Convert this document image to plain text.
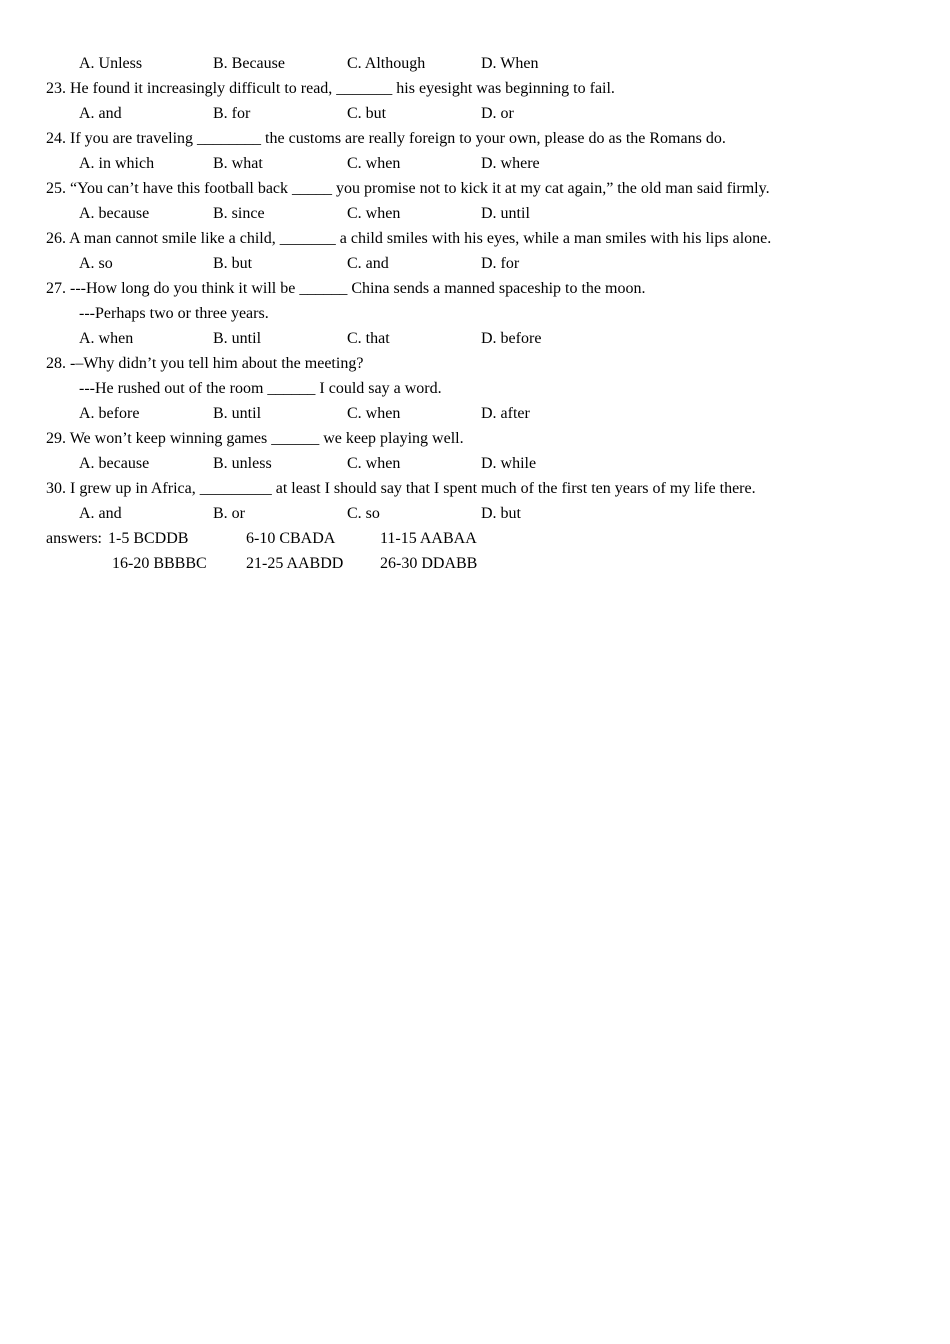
A. Unless	B. Because	C. Although	D. When
23. He found it increasingly difficult to read, _______ his eyesight was beginning to fail.
A. and	B. for	C. but	D. or
24. If you are traveling ________ the customs are really foreign to your own, please do as the Romans do.
A. in which	B. what	C. when	D. where
25. “You can’t have this football back _____ you promise not to kick it at my cat again,” the old man said firmly.
A. because	B. since	C. when	D. until
26. A man cannot smile like a child, _______ a child smiles with his eyes, while a man smiles with his lips alone.
A. so	B. but	C. and	D. for
27. ---How long do you think it will be ______ China sends a manned spaceship to the moon.
---Perhaps two or three years.
A. when	B. until	C. that	D. before
28. -–Why didn’t you tell him about the meeting?
---He rushed out of the room ______ I could say a word.
A. before	B. until	C. when	D. after
29. We won’t keep winning games ______ we keep playing well.
A. because	B. unless	C. when	D. while
30. I grew up in Africa, _________ at least I should say that I spent much of the first ten years of my life there.
A. and	B. or	C. so	D. but
answers: 1-5 BCDDB	6-10 CBADA	11-15 AABAA
16-20 BBBBC 21-25 AABDD 26-30 DDABB
